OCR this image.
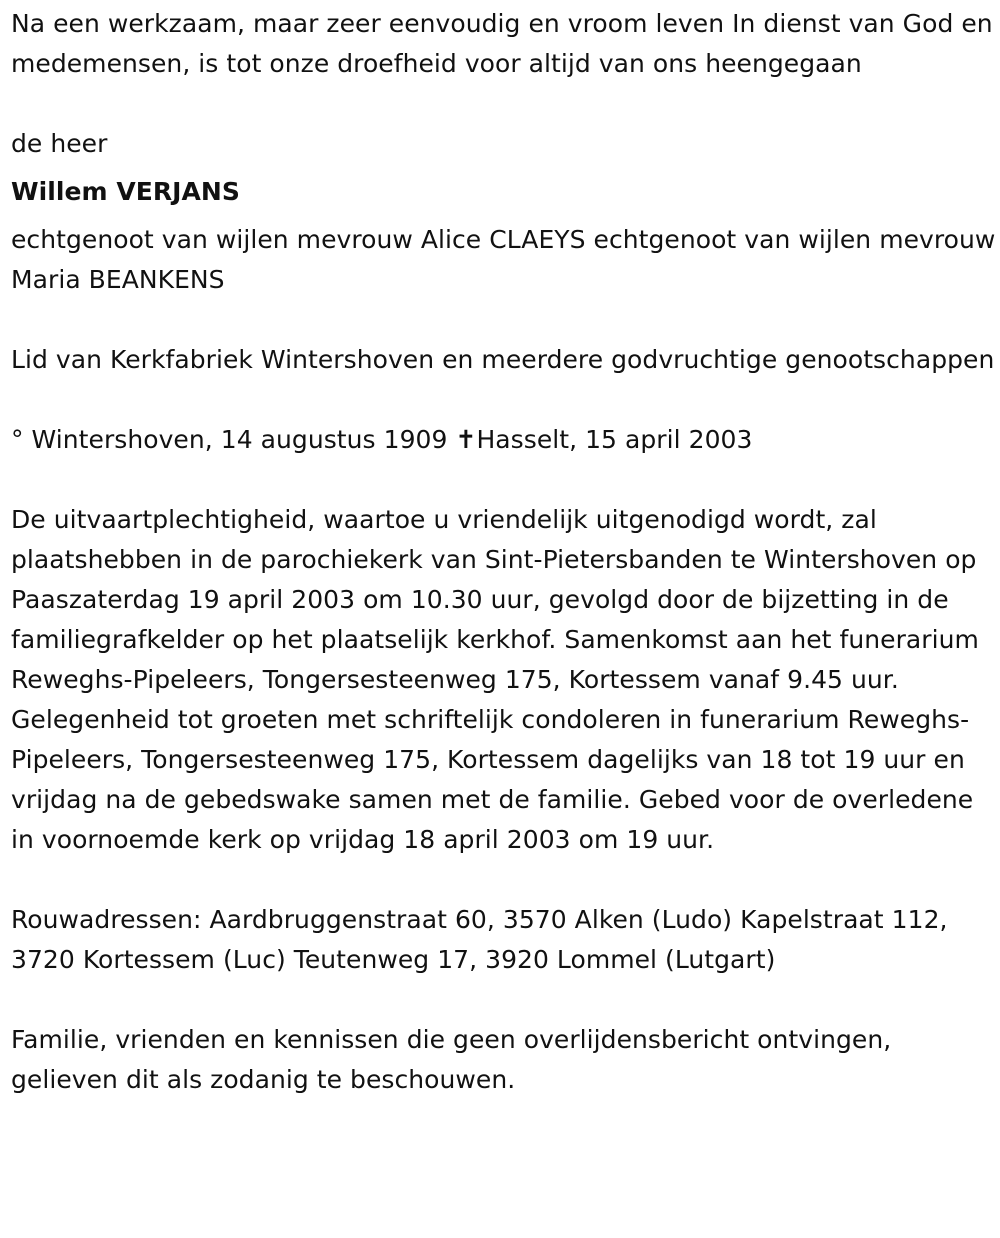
Na een werkzaam, maar zeer eenvoudig en vroom leven In dienst van God en medemensen, is tot onze droefheid voor altijd van ons heengegaan

de heer

Willem VERJANS

echtgenoot van wijlen mevrouw Alice CLAEYS echtgenoot van wijlen mevrouw Maria BEANKENS

Lid van Kerkfabriek Wintershoven en meerdere godvruchtige genootschappen

° Wintershoven, 14 augustus 1909 ✝Hasselt, 15 april 2003

De uitvaartplechtigheid, waartoe u vriendelijk uitgenodigd wordt, zal plaatshebben in de parochiekerk van Sint-Pietersbanden te Wintershoven op Paaszaterdag 19 april 2003 om 10.30 uur, gevolgd door de bijzetting in de familiegrafkelder op het plaatselijk kerkhof. Samenkomst aan het funerarium Reweghs-Pipeleers, Tongersesteenweg 175, Kortessem vanaf 9.45 uur. Gelegenheid tot groeten met schriftelijk condoleren in funerarium Reweghs-Pipeleers, Tongersesteenweg 175, Kortessem dagelijks van 18 tot 19 uur en vrijdag na de gebedswake samen met de familie. Gebed voor de overledene in voornoemde kerk op vrijdag 18 april 2003 om 19 uur.

Rouwadressen: Aardbruggenstraat 60, 3570 Alken (Ludo) Kapelstraat 112, 3720 Kortessem (Luc) Teutenweg 17, 3920 Lommel (Lutgart)

Familie, vrienden en kennissen die geen overlijdensbericht ontvingen, gelieven dit als zodanig te beschouwen.
